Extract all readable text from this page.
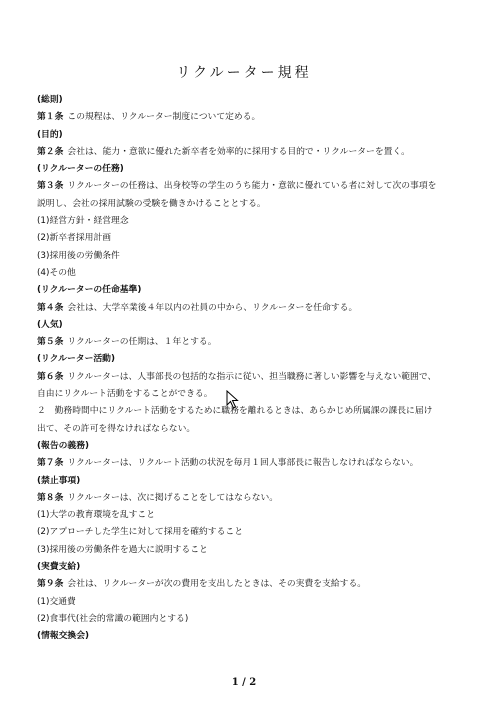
リクルーター規程
(総則)
第１条 この規程は、リクルーター制度について定める。
(目的)
第２条 会社は、能力・意欲に優れた新卒者を効率的に採用する目的で・リクルーターを置く。
(リクルーターの任務)
第３条 リクルーターの任務は、出身校等の学生のうち能力・意欲に優れている者に対して次の事項を説明し、会社の採用試験の受験を働きかけることとする。
(1)経営方針・経営理念
(2)新卒者採用計画
(3)採用後の労働条件
(4)その他
(リクルーターの任命基準)
第４条 会社は、大学卒業後４年以内の社員の中から、リクルーターを任命する。
(人気)
第５条 リクルーターの任期は、１年とする。
(リクルーター活動)
第６条 リクルーターは、人事部長の包括的な指示に従い、担当職務に著しい影響を与えない範囲で、自由にリクルート活動をすることができる。
２　勤務時間中にリクルート活動をするために職務を離れるときは、あらかじめ所属課の課長に届け出て、その許可を得なければならない。
(報告の義務)
第７条 リクルーターは、リクルート活動の状況を毎月１回人事部長に報告しなければならない。
(禁止事項)
第８条 リクルーターは、次に掲げることをしてはならない。
(1)大学の教育環境を乱すこと
(2)アプローチした学生に対して採用を確約すること
(3)採用後の労働条件を過大に説明すること
(実費支給)
第９条 会社は、リクルーターが次の費用を支出したときは、その実費を支給する。
(1)交通費
(2)食事代(社会的常識の範囲内とする)
(情報交換会)
1 / 2
